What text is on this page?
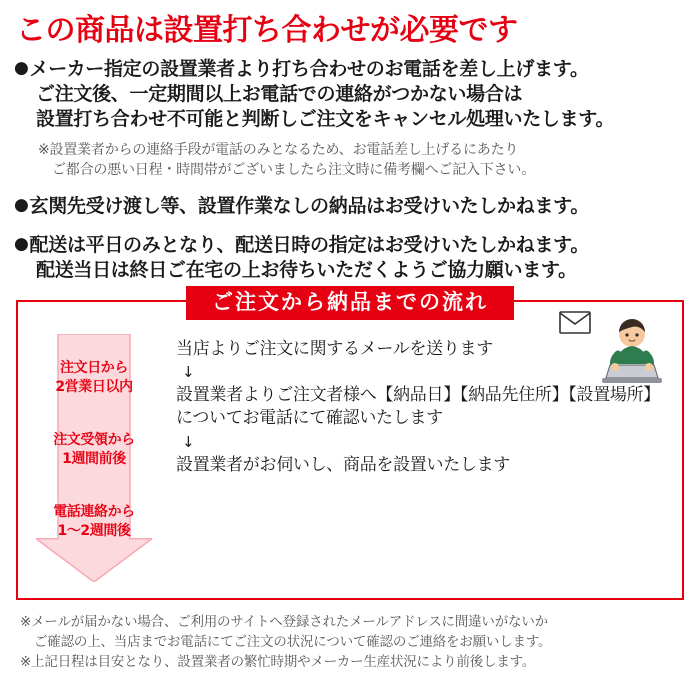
この商品は設置打ち合わせが必要です
● メーカー指定の設置業者より打ち合わせのお電話を差し上げます。
ご注文後、一定期間以上お電話での連絡がつかない場合は
設置打ち合わせ不可能と判断しご注文をキャンセル処理いたします。
※設置業者からの連絡手段が電話のみとなるため、お電話差し上げるにあたり
ご都合の悪い日程・時間帯がございましたら注文時に備考欄へご記入下さい。
● 玄関先受け渡し等、設置作業なしの納品はお受けいたしかねます。
● 配送は平日のみとなり、配送日時の指定はお受けいたしかねます。
配送当日は終日ご在宅の上お待ちいただくようご協力願います。
ご注文から納品までの流れ
注文日から
2営業日以内
注文受領から
1週間前後
電話連絡から
1〜2週間後
当店よりご注文に関するメールを送ります
↓
設置業者よりご注文者様へ【納品日】【納品先住所】【設置場所】についてお電話にて確認いたします
↓
設置業者がお伺いし、商品を設置いたします
※メールが届かない場合、ご利用のサイトへ登録されたメールアドレスに間違いがないか
ご確認の上、当店までお電話にてご注文の状況について確認のご連絡をお願いします。
※上記日程は目安となり、設置業者の繁忙時期やメーカー生産状況により前後します。
